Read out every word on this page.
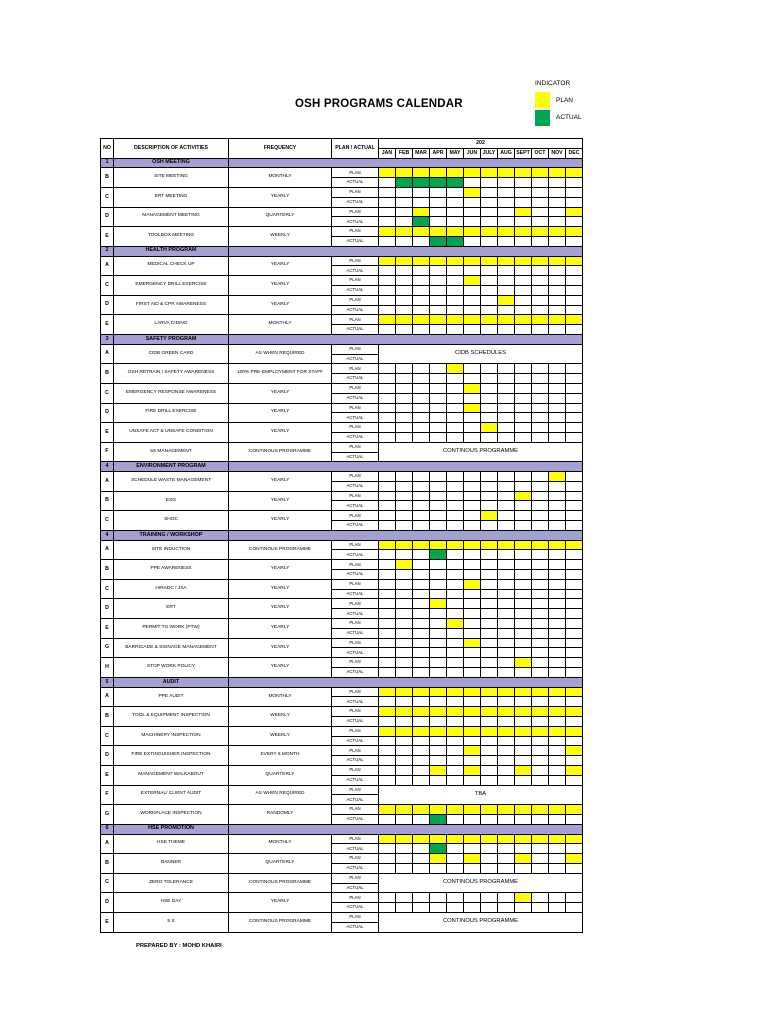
OSH PROGRAMS CALENDAR
INDICATOR
PLAN
ACTUAL
NO	DESCRIPTION OF ACTIVITIES	FREQUENCY	PLAN / ACTUAL	202											
				JAN	FEB	MAR	APR	MAY	JUN	JULY	AUG	SEPT	OCT	NOV	DEC
1	OSH MEETING														
B	SITE MEETING	MONTHLY	PLAN												
			ACTUAL												
C	ERT MEETING	YEARLY	PLAN												
			ACTUAL												
D	MANAGEMENT MEETING	QUARTERLY	PLAN												
			ACTUAL												
E	TOOLBOX MEETING	WEEKLY	PLAN												
			ACTUAL												
2	HEALTH PROGRAM														
A	MEDICAL CHECK UP	YEARLY	PLAN												
			ACTUAL												
C	EMERGENCY DRILL EXERCISE	YEARLY	PLAN												
			ACTUAL												
D	FIRST AID & CPR AWARENESS	YEARLY	PLAN												
			ACTUAL												
E	LARVA CIDING	MONTHLY	PLAN												
			ACTUAL												
3	SAFETY PROGRAM														
A	CIDB GREEN CARD	AS WHEN REQUIRED	PLAN	CIDB SCHEDULES											
			ACTUAL												
B	OSH RETRAIN / SAFETY AWARENESS	100% PRE-EMPLOYMENT FOR STAFF	PLAN												
			ACTUAL												
C	EMERGENCY RESPONSE AWARENESS	YEARLY	PLAN												
			ACTUAL												
D	FIRE DRILL EXERCISE	YEARLY	PLAN												
			ACTUAL												
E	UNSAFE ACT & UNSAFE CONDITION	YEARLY	PLAN												
			ACTUAL												
F	5S MANAGEMENT	CONTINOUS PROGRAMME	PLAN	CONTINOUS PROGRAMME											
			ACTUAL												
4	ENVIRONMENT PROGRAM														
A	SCHEDULE WASTE MANAGEMENT	YEARLY	PLAN												
			ACTUAL												
B	ESG	YEARLY	PLAN												
			ACTUAL												
C	SHOC	YEARLY	PLAN												
			ACTUAL												
4	TRAINING / WORKSHOP														
A	SITE INDUCTION	CONTINOUS PROGRAMME	PLAN												
			ACTUAL												
B	PPE AWARENESS	YEARLY	PLAN												
			ACTUAL												
C	HIRADC / JSA	YEARLY	PLAN												
			ACTUAL												
D	ERT	YEARLY	PLAN												
			ACTUAL												
E	PERMIT TO WORK (PTW)	YEARLY	PLAN												
			ACTUAL												
G	BARRICADE & SIGNAGE MANAGEMENT	YEARLY	PLAN												
			ACTUAL												
H	STOP WORK POLICY	YEARLY	PLAN												
			ACTUAL												
5	AUDIT														
A	PPE AUDIT	MONTHLY	PLAN												
			ACTUAL												
B	TOOL & EQUIPMENT INSPECTION	WEEKLY	PLAN												
			ACTUAL												
C	MACHINERY INSPECTION	WEEKLY	PLAN												
			ACTUAL												
D	FIRE EXTINGUISHER INSPECTION	EVERY 6 MONTH	PLAN												
			ACTUAL												
E	MANAGEMENT WALKABOUT	QUARTERLY	PLAN												
			ACTUAL												
F	EXTERNAL/ CLIENT AUDIT	AS WHEN REQUIRED	PLAN	TBA											
			ACTUAL												
G	WORKPLACE INSPECTION	RANDOMLY	PLAN												
			ACTUAL												
6	HSE PROMOTION														
A	HSE THEME	MONTHLY	PLAN												
			ACTUAL												
B	BANNER	QUARTERLY	PLAN												
			ACTUAL												
C	ZERO TOLERANCE	CONTINOUS PROGRAMME	PLAN	CONTINOUS PROGRAMME											
			ACTUAL												
D	HSE DAY	YEARLY	PLAN												
			ACTUAL												
E	5 S	CONTINOUS PROGRAMME	PLAN	CONTINOUS PROGRAMME											
			ACTUAL												
PREPARED BY : MOHD KHAIRI
